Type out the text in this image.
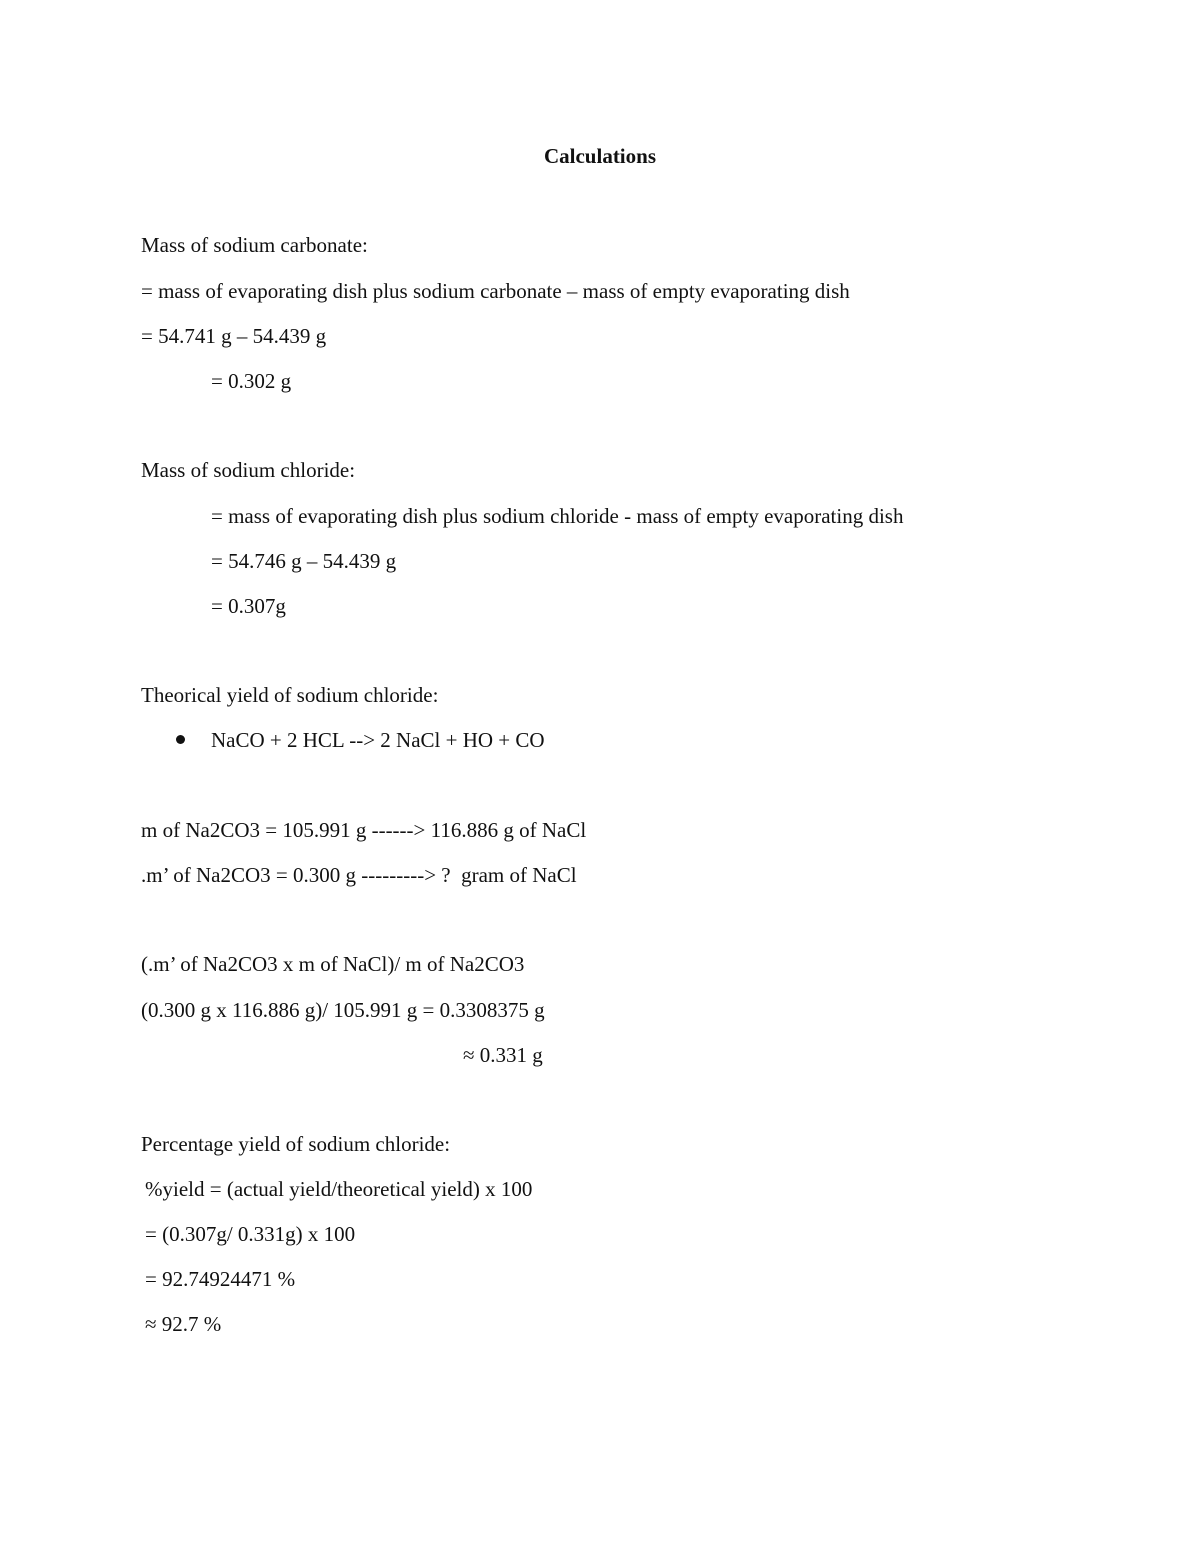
Calculations
Mass of sodium carbonate:
= mass of evaporating dish plus sodium carbonate – mass of empty evaporating dish
= 54.741 g – 54.439 g
= 0.302 g
Mass of sodium chloride:
= mass of evaporating dish plus sodium chloride - mass of empty evaporating dish
= 54.746 g – 54.439 g
= 0.307g
Theorical yield of sodium chloride:
NaCO + 2 HCL --> 2 NaCl + HO + CO
m of Na2CO3 = 105.991 g ------> 116.886 g of NaCl
.m’ of Na2CO3 = 0.300 g ---------> ?  gram of NaCl
(.m’ of Na2CO3 x m of NaCl)/ m of Na2CO3
(0.300 g x 116.886 g)/ 105.991 g = 0.3308375 g
≈ 0.331 g
Percentage yield of sodium chloride:
%yield = (actual yield/theoretical yield) x 100
= (0.307g/ 0.331g) x 100
= 92.74924471 %
≈ 92.7 %
